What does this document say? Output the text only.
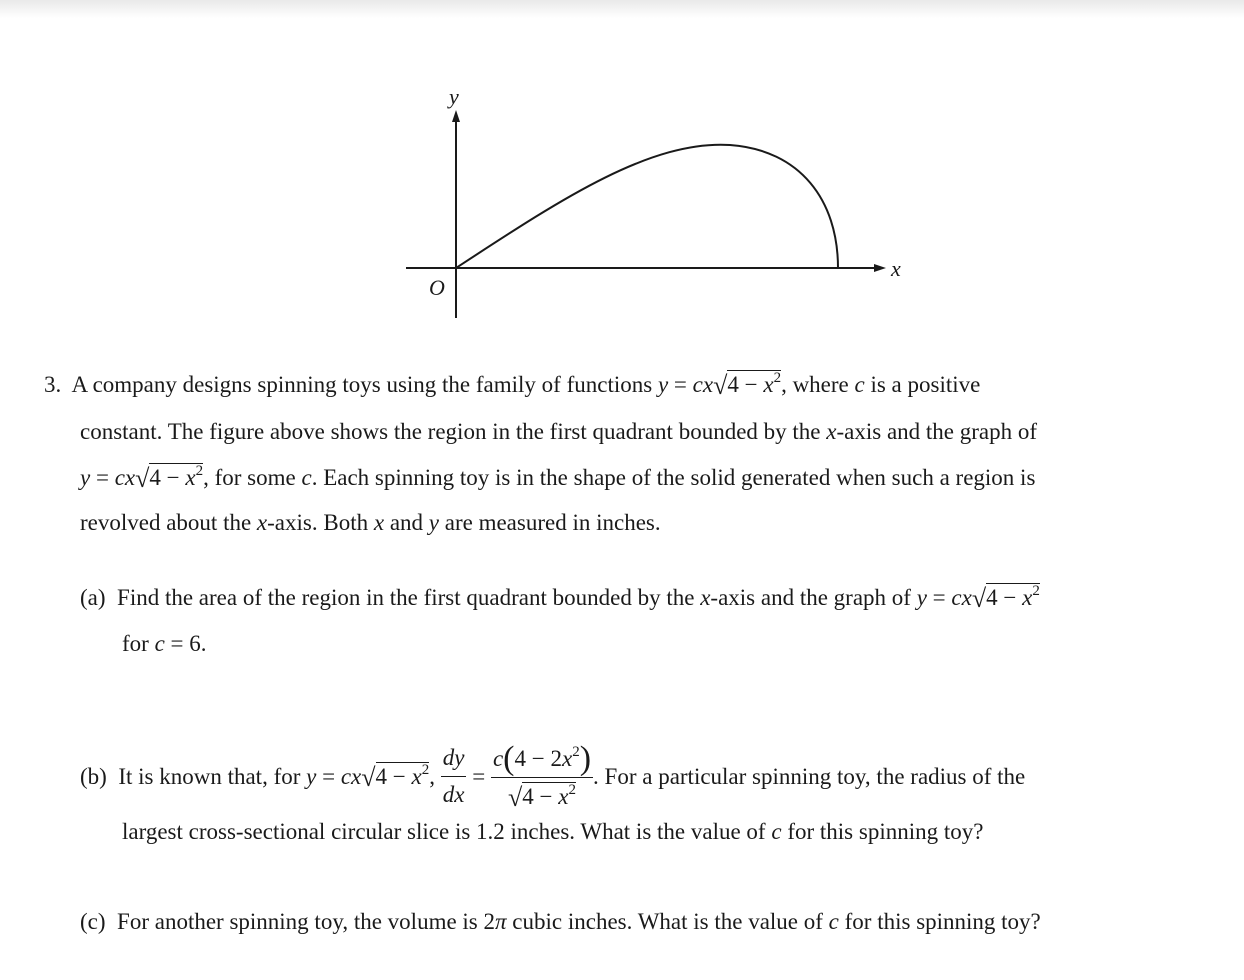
y
x
O
3. A company designs spinning toys using the family of functions $y = cx√4 - x^2$, where c is a positive
constant. The figure above shows the region in the first quadrant bounded by the x-axis and the graph of
$y = cx√4 - x^2$, for some c. Each spinning toy is in the shape of the solid generated when such a region is
revolved about the x-axis. Both x and y are measured in inches.
(a) Find the area of the region in the first quadrant bounded by the x-axis and the graph of $y = cx√4 - x^2$
for c = 6.
(b) It is known that, for $y = cx√4 - x^2$, $\frac{dy}{dx} = \frac{c(4 - 2x^2)}{√4 - x^2}$ . For a particular spinning toy, the radius of the
largest cross-sectional circular slice is 1.2 inches. What is the value of c for this spinning toy?
(c) For another spinning toy, the volume is 2π cubic inches. What is the value of c for this spinning toy?
